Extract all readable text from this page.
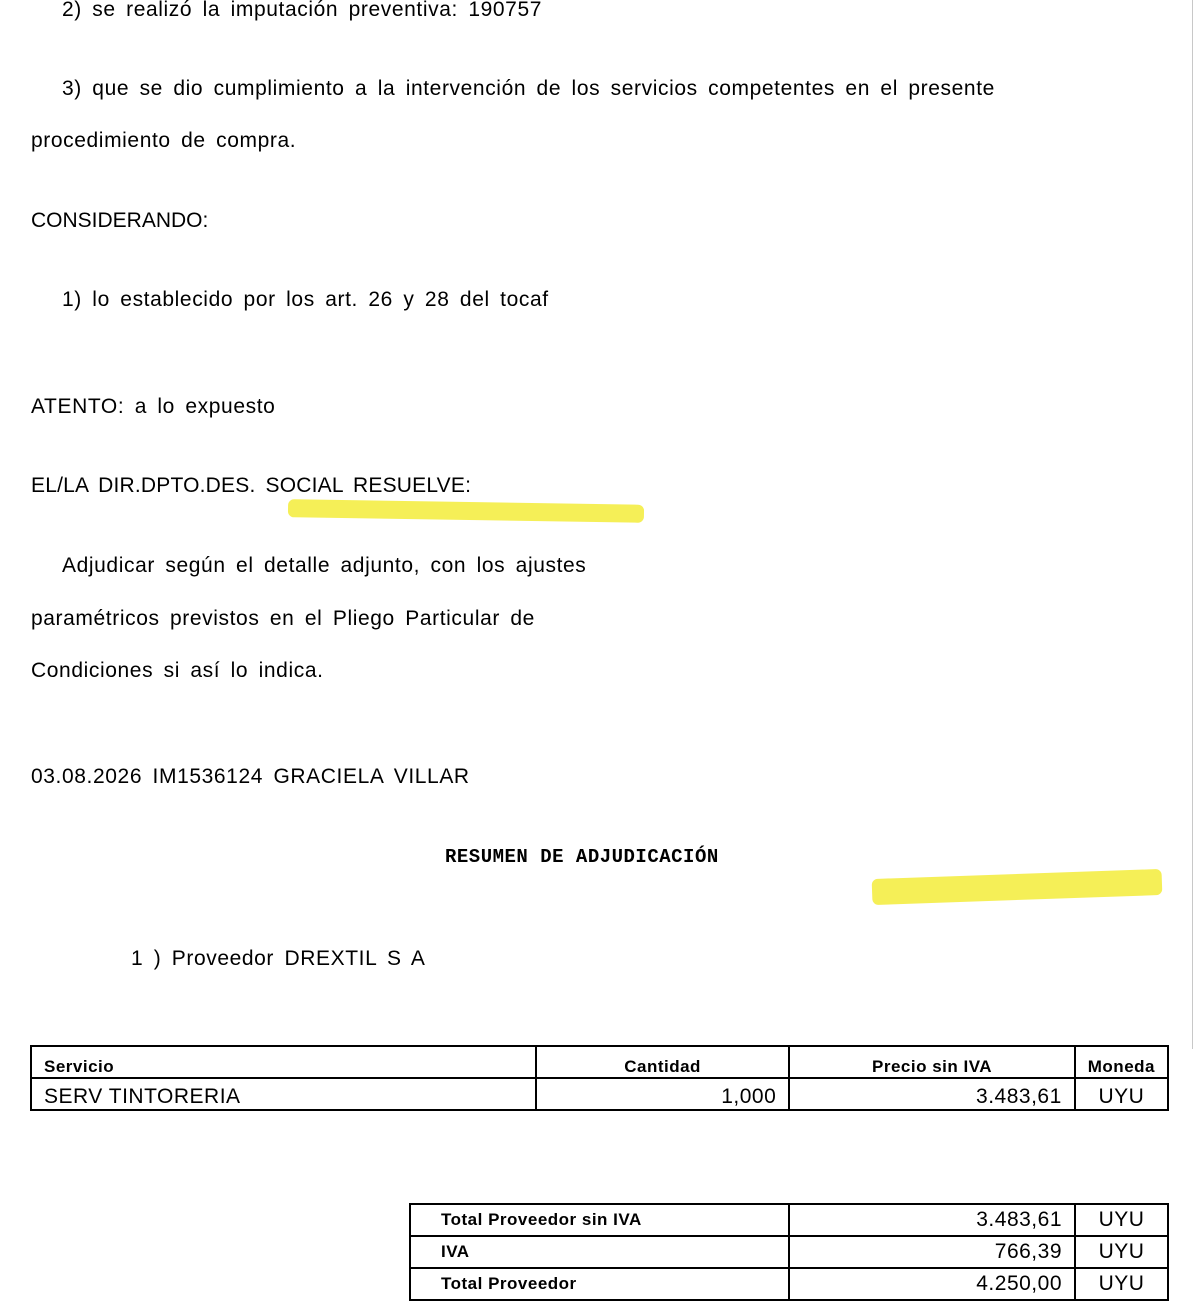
2) se realizó la imputación preventiva: 190757
3) que se dio cumplimiento a la intervención de los servicios competentes en el presente
procedimiento de compra.
CONSIDERANDO:
1) lo establecido por los art. 26 y 28 del tocaf
ATENTO: a lo expuesto
EL/LA DIR.DPTO.DES. SOCIAL RESUELVE:
Adjudicar según el detalle adjunto, con los ajustes
paramétricos previstos en el Pliego Particular de
Condiciones si así lo indica.
03.08.2026 IM1536124 GRACIELA VILLAR
RESUMEN DE ADJUDICACIÓN
1 ) Proveedor DREXTIL S A
Servicio	Cantidad	Precio sin IVA	Moneda
SERV TINTORERIA	1,000	3.483,61	UYU
Total Proveedor sin IVA	3.483,61	UYU
IVA	766,39	UYU
Total Proveedor	4.250,00	UYU
